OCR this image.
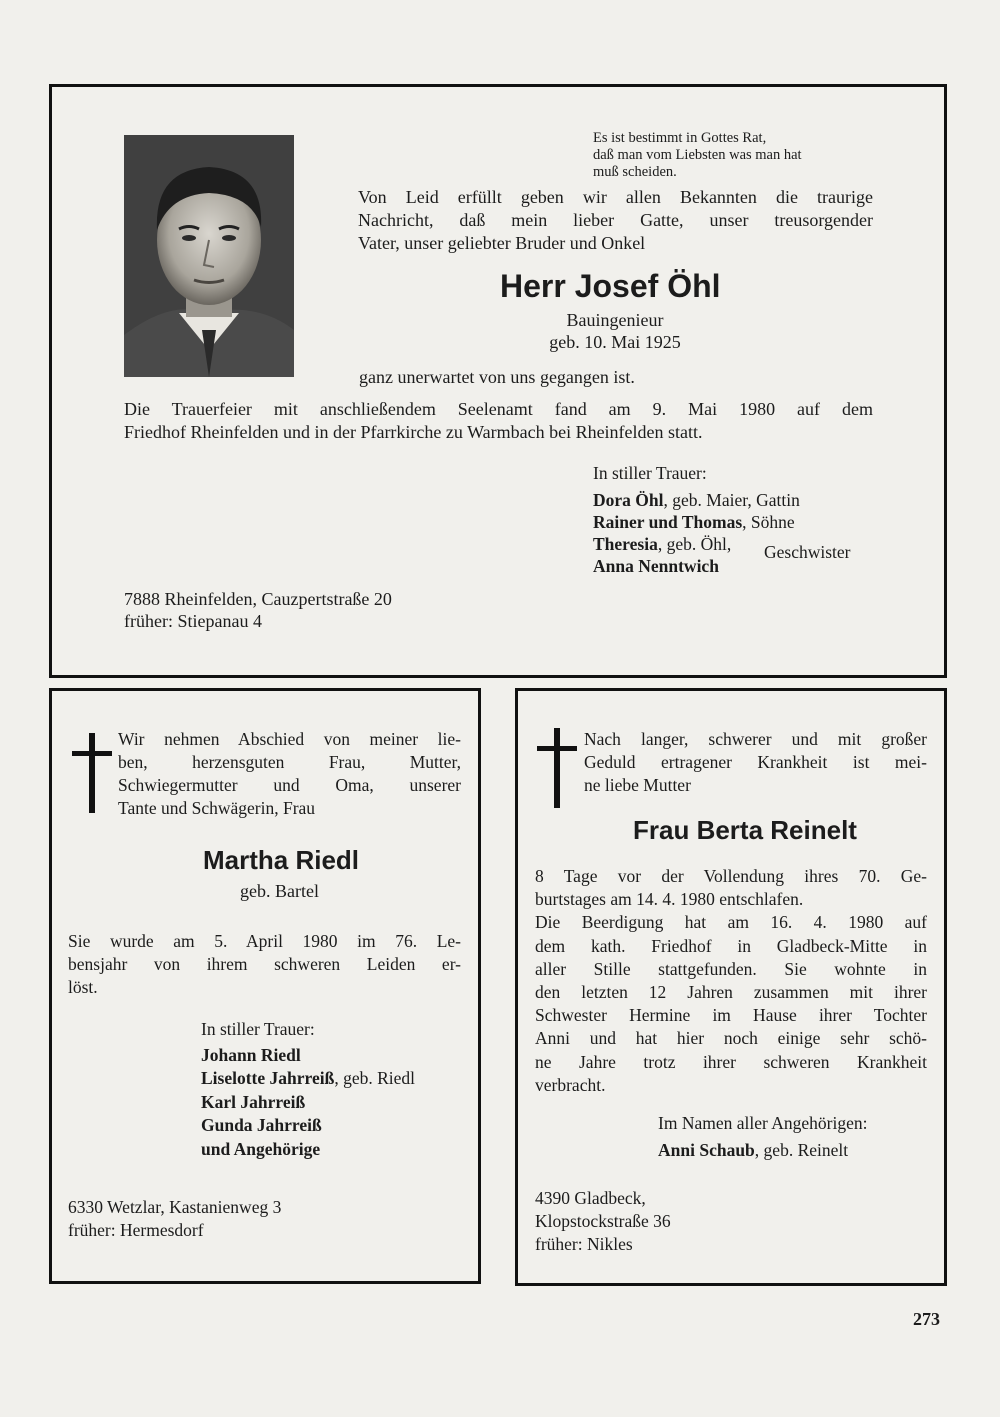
Es ist bestimmt in Gottes Rat,
daß man vom Liebsten was man hat
muß scheiden.
Von Leid erfüllt geben wir allen Bekannten die traurige
Nachricht, daß mein lieber Gatte, unser treusorgender
Vater, unser geliebter Bruder und Onkel
Herr Josef Öhl
Bauingenieur
geb. 10. Mai 1925
ganz unerwartet von uns gegangen ist.
Die Trauerfeier mit anschließendem Seelenamt fand am 9. Mai 1980 auf dem
Friedhof Rheinfelden und in der Pfarrkirche zu Warmbach bei Rheinfelden statt.
In stiller Trauer:
Dora Öhl, geb. Maier, Gattin
Rainer und Thomas, Söhne
Theresia, geb. Öhl,
Anna Nenntwich
Geschwister
7888 Rheinfelden, Cauzpertstraße 20
früher: Stiepanau 4
Wir nehmen Abschied von meiner lie-
ben, herzensguten Frau, Mutter,
Schwiegermutter und Oma, unserer
Tante und Schwägerin, Frau
Martha Riedl
geb. Bartel
Sie wurde am 5. April 1980 im 76. Le-
bensjahr von ihrem schweren Leiden er-
löst.
In stiller Trauer:
Johann Riedl
Liselotte Jahrreiß, geb. Riedl
Karl Jahrreiß
Gunda Jahrreiß
und Angehörige
6330 Wetzlar, Kastanienweg 3
früher: Hermesdorf
Nach langer, schwerer und mit großer
Geduld ertragener Krankheit ist mei-
ne liebe Mutter
Frau Berta Reinelt
8 Tage vor der Vollendung ihres 70. Ge-
burtstages am 14. 4. 1980 entschlafen.
Die Beerdigung hat am 16. 4. 1980 auf
dem kath. Friedhof in Gladbeck-Mitte in
aller Stille stattgefunden. Sie wohnte in
den letzten 12 Jahren zusammen mit ihrer
Schwester Hermine im Hause ihrer Tochter
Anni und hat hier noch einige sehr schö-
ne Jahre trotz ihrer schweren Krankheit
verbracht.
Im Namen aller Angehörigen:
Anni Schaub, geb. Reinelt
4390 Gladbeck,
Klopstockstraße 36
früher: Nikles
273
